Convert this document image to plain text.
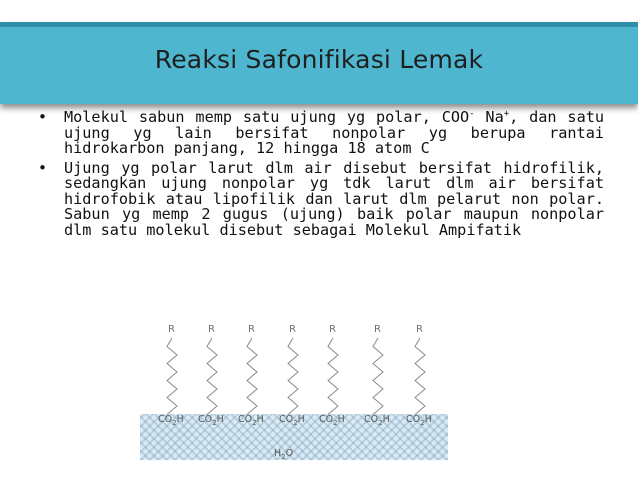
Reaksi Safonifikasi Lemak

• Molekul sabun memp satu ujung yg polar, COO- Na+, dan satu ujung yg lain bersifat nonpolar yg berupa rantai hidrokarbon panjang, 12 hingga 18 atom C

• Ujung yg polar larut dlm air disebut bersifat hidrofilik, sedangkan ujung nonpolar yg tdk larut dlm air bersifat hidrofobik atau lipofilik dan larut dlm pelarut non polar. Sabun yg memp 2 gugus (ujung) baik polar maupun nonpolar dlm satu molekul disebut sebagai Molekul Ampifatik

R
$CO_2H$
R
$CO_2H$
R
$CO_2H$
R
$CO_2H$
R
$CO_2H$
R
$CO_2H$
R
$CO_2H$
$H_2O$
